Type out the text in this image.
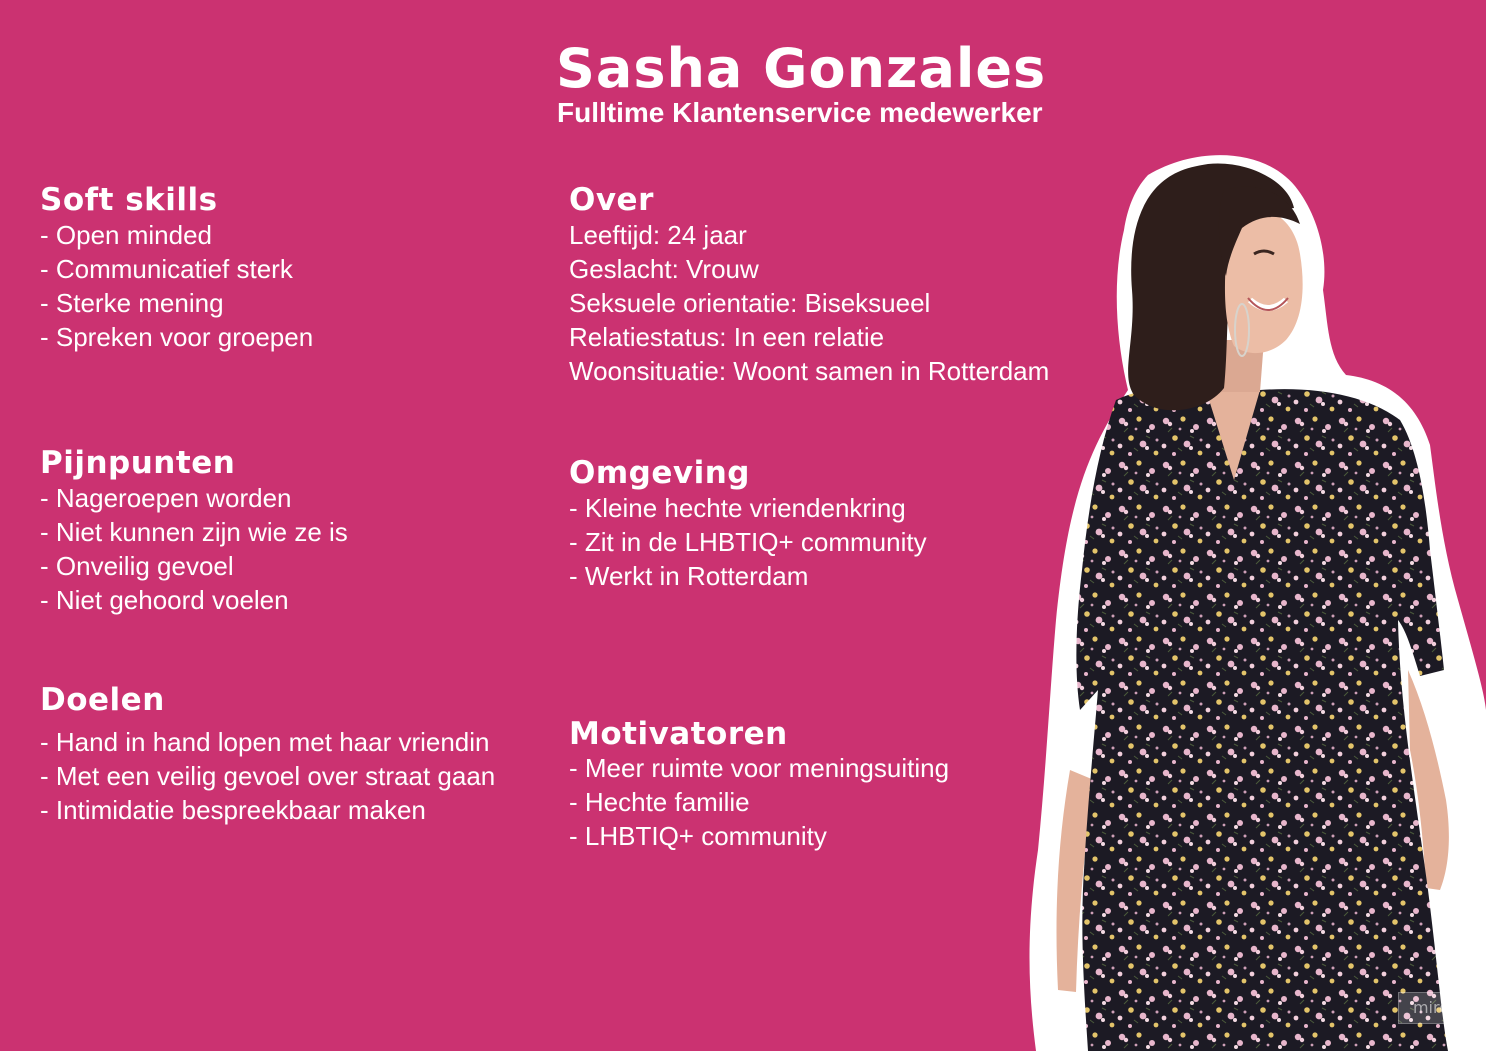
Sasha Gonzales
Fulltime Klantenservice medewerker
Soft skills
- Open minded
- Communicatief sterk
- Sterke mening
- Spreken voor groepen
Pijnpunten
- Nageroepen worden
- Niet kunnen zijn wie ze is
- Onveilig gevoel
- Niet gehoord voelen
Doelen
- Hand in hand lopen met haar vriendin
- Met een veilig gevoel over straat gaan
- Intimidatie bespreekbaar maken
Over
Leeftijd: 24 jaar
Geslacht: Vrouw
Seksuele orientatie: Biseksueel
Relatiestatus: In een relatie
Woonsituatie: Woont samen in Rotterdam
Omgeving
- Kleine hechte vriendenkring
- Zit in de LHBTIQ+ community
- Werkt in Rotterdam
Motivatoren
- Meer ruimte voor meningsuiting
- Hechte familie
- LHBTIQ+ community
miro
